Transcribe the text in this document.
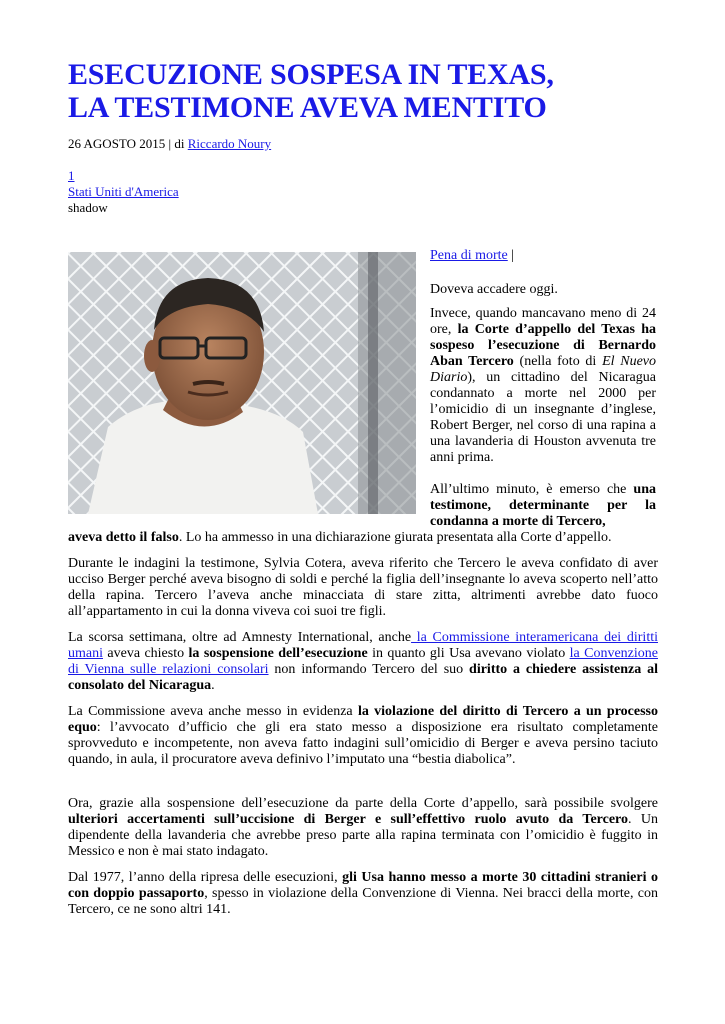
ESECUZIONE SOSPESA IN TEXAS,
LA TESTIMONE AVEVA MENTITO
26 AGOSTO 2015 | di Riccardo Noury
1
Stati Uniti d'America
shadow
Pena di morte |

Doveva accadere oggi.

Invece, quando mancavano meno di 24 ore, la Corte d’appello del Texas ha sospeso l’esecuzione di Bernardo Aban Tercero (nella foto di El Nuevo Diario), un cittadino del Nicaragua condannato a morte nel 2000 per l’omicidio di un insegnante d’inglese, Robert Berger, nel corso di una rapina a una lavanderia di Houston avvenuta tre anni prima.

All’ultimo minuto, è emerso che una testimone, determinante per la condanna a morte di Tercero,

aveva detto il falso. Lo ha ammesso in una dichiarazione giurata presentata alla Corte d’appello.

Durante le indagini la testimone, Sylvia Cotera, aveva riferito che Tercero le aveva confidato di aver ucciso Berger perché aveva bisogno di soldi e perché la figlia dell’insegnante lo aveva scoperto nell’atto della rapina. Tercero l’aveva anche minacciata di stare zitta, altrimenti avrebbe dato fuoco all’appartamento in cui la donna viveva coi suoi tre figli.

La scorsa settimana, oltre ad Amnesty International, anche la Commissione interamericana dei diritti umani aveva chiesto la sospensione dell’esecuzione in quanto gli Usa avevano violato la Convenzione di Vienna sulle relazioni consolari non informando Tercero del suo diritto a chiedere assistenza al consolato del Nicaragua.

La Commissione aveva anche messo in evidenza la violazione del diritto di Tercero a un processo equo: l’avvocato d’ufficio che gli era stato messo a disposizione era risultato completamente sprovveduto e incompetente, non aveva fatto indagini sull’omicidio di Berger e aveva persino taciuto quando, in aula, il procuratore aveva definivo l’imputato una “bestia diabolica”.

Ora, grazie alla sospensione dell’esecuzione da parte della Corte d’appello, sarà possibile svolgere ulteriori accertamenti sull’uccisione di Berger e sull’effettivo ruolo avuto da Tercero. Un dipendente della lavanderia che avrebbe preso parte alla rapina terminata con l’omicidio è fuggito in Messico e non è mai stato indagato.

Dal 1977, l’anno della ripresa delle esecuzioni, gli Usa hanno messo a morte 30 cittadini stranieri o con doppio passaporto, spesso in violazione della Convenzione di Vienna. Nei bracci della morte, con Tercero, ce ne sono altri 141.
